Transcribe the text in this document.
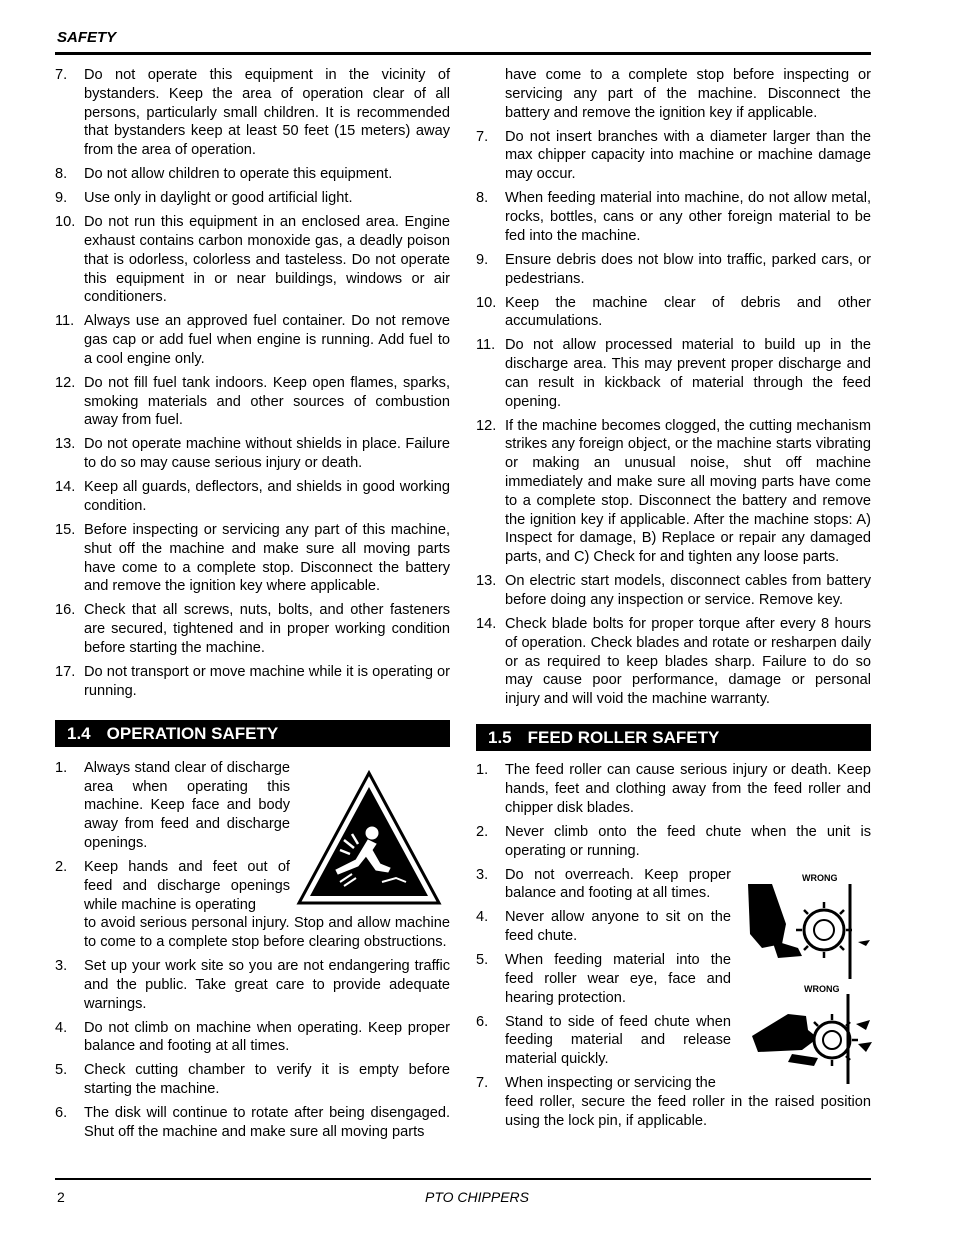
SAFETY
7. Do not operate this equipment in the vicinity of bystanders. Keep the area of operation clear of all persons, particularly small children. It is recommended that bystanders keep at least 50 feet (15 meters) away from the area of operation.
8. Do not allow children to operate this equipment.
9. Use only in daylight or good artificial light.
10. Do not run this equipment in an enclosed area. Engine exhaust contains carbon monoxide gas, a deadly poison that is odorless, colorless and tasteless. Do not operate this equipment in or near buildings, windows or air conditioners.
11. Always use an approved fuel container. Do not remove gas cap or add fuel when engine is running. Add fuel to a cool engine only.
12. Do not fill fuel tank indoors. Keep open flames, sparks, smoking materials and other sources of combustion away from fuel.
13. Do not operate machine without shields in place. Failure to do so may cause serious injury or death.
14. Keep all guards, deflectors, and shields in good working condition.
15. Before inspecting or servicing any part of this machine, shut off the machine and make sure all moving parts have come to a complete stop. Disconnect the battery and remove the ignition key where applicable.
16. Check that all screws, nuts, bolts, and other fasteners are secured, tightened and in proper working condition before starting the machine.
17. Do not transport or move machine while it is operating or running.
1.4 OPERATION SAFETY
1. Always stand clear of discharge area when operating this machine. Keep face and body away from feed and discharge openings.
2. Keep hands and feet out of feed and discharge openings while machine is operating
to avoid serious personal injury. Stop and allow machine to come to a complete stop before clearing obstructions.
3. Set up your work site so you are not endangering traffic and the public. Take great care to provide adequate warnings.
4. Do not climb on machine when operating. Keep proper balance and footing at all times.
5. Check cutting chamber to verify it is empty before starting the machine.
6. The disk will continue to rotate after being disengaged. Shut off the machine and make sure all moving parts
have come to a complete stop before inspecting or servicing any part of the machine. Disconnect the battery and remove the ignition key if applicable.
7. Do not insert branches with a diameter larger than the max chipper capacity into machine or machine damage may occur.
8. When feeding material into machine, do not allow metal, rocks, bottles, cans or any other foreign material to be fed into the machine.
9. Ensure debris does not blow into traffic, parked cars, or pedestrians.
10. Keep the machine clear of debris and other accumulations.
11. Do not allow processed material to build up in the discharge area. This may prevent proper discharge and can result in kickback of material through the feed opening.
12. If the machine becomes clogged, the cutting mechanism strikes any foreign object, or the machine starts vibrating or making an unusual noise, shut off machine immediately and make sure all moving parts have come to a complete stop. Disconnect the battery and remove the ignition key if applicable. After the machine stops: A) Inspect for damage, B) Replace or repair any damaged parts, and C) Check for and tighten any loose parts.
13. On electric start models, disconnect cables from battery before doing any inspection or service. Remove key.
14. Check blade bolts for proper torque after every 8 hours of operation. Check blades and rotate or resharpen daily or as required to keep blades sharp. Failure to do so may cause poor performance, damage or personal injury and will void the machine warranty.
1.5 FEED ROLLER SAFETY
1. The feed roller can cause serious injury or death. Keep hands, feet and clothing away from the feed roller and chipper disk blades.
2. Never climb onto the feed chute when the unit is operating or running.
3. Do not overreach. Keep proper balance and footing at all times.
4. Never allow anyone to sit on the feed chute.
5. When feeding material into the feed roller wear eye, face and hearing protection.
6. Stand to side of feed chute when feeding material and release material quickly.
7. When inspecting or servicing the
feed roller, secure the feed roller in the raised position using the lock pin, if applicable.
WRONG
WRONG
2	PTO CHIPPERS
